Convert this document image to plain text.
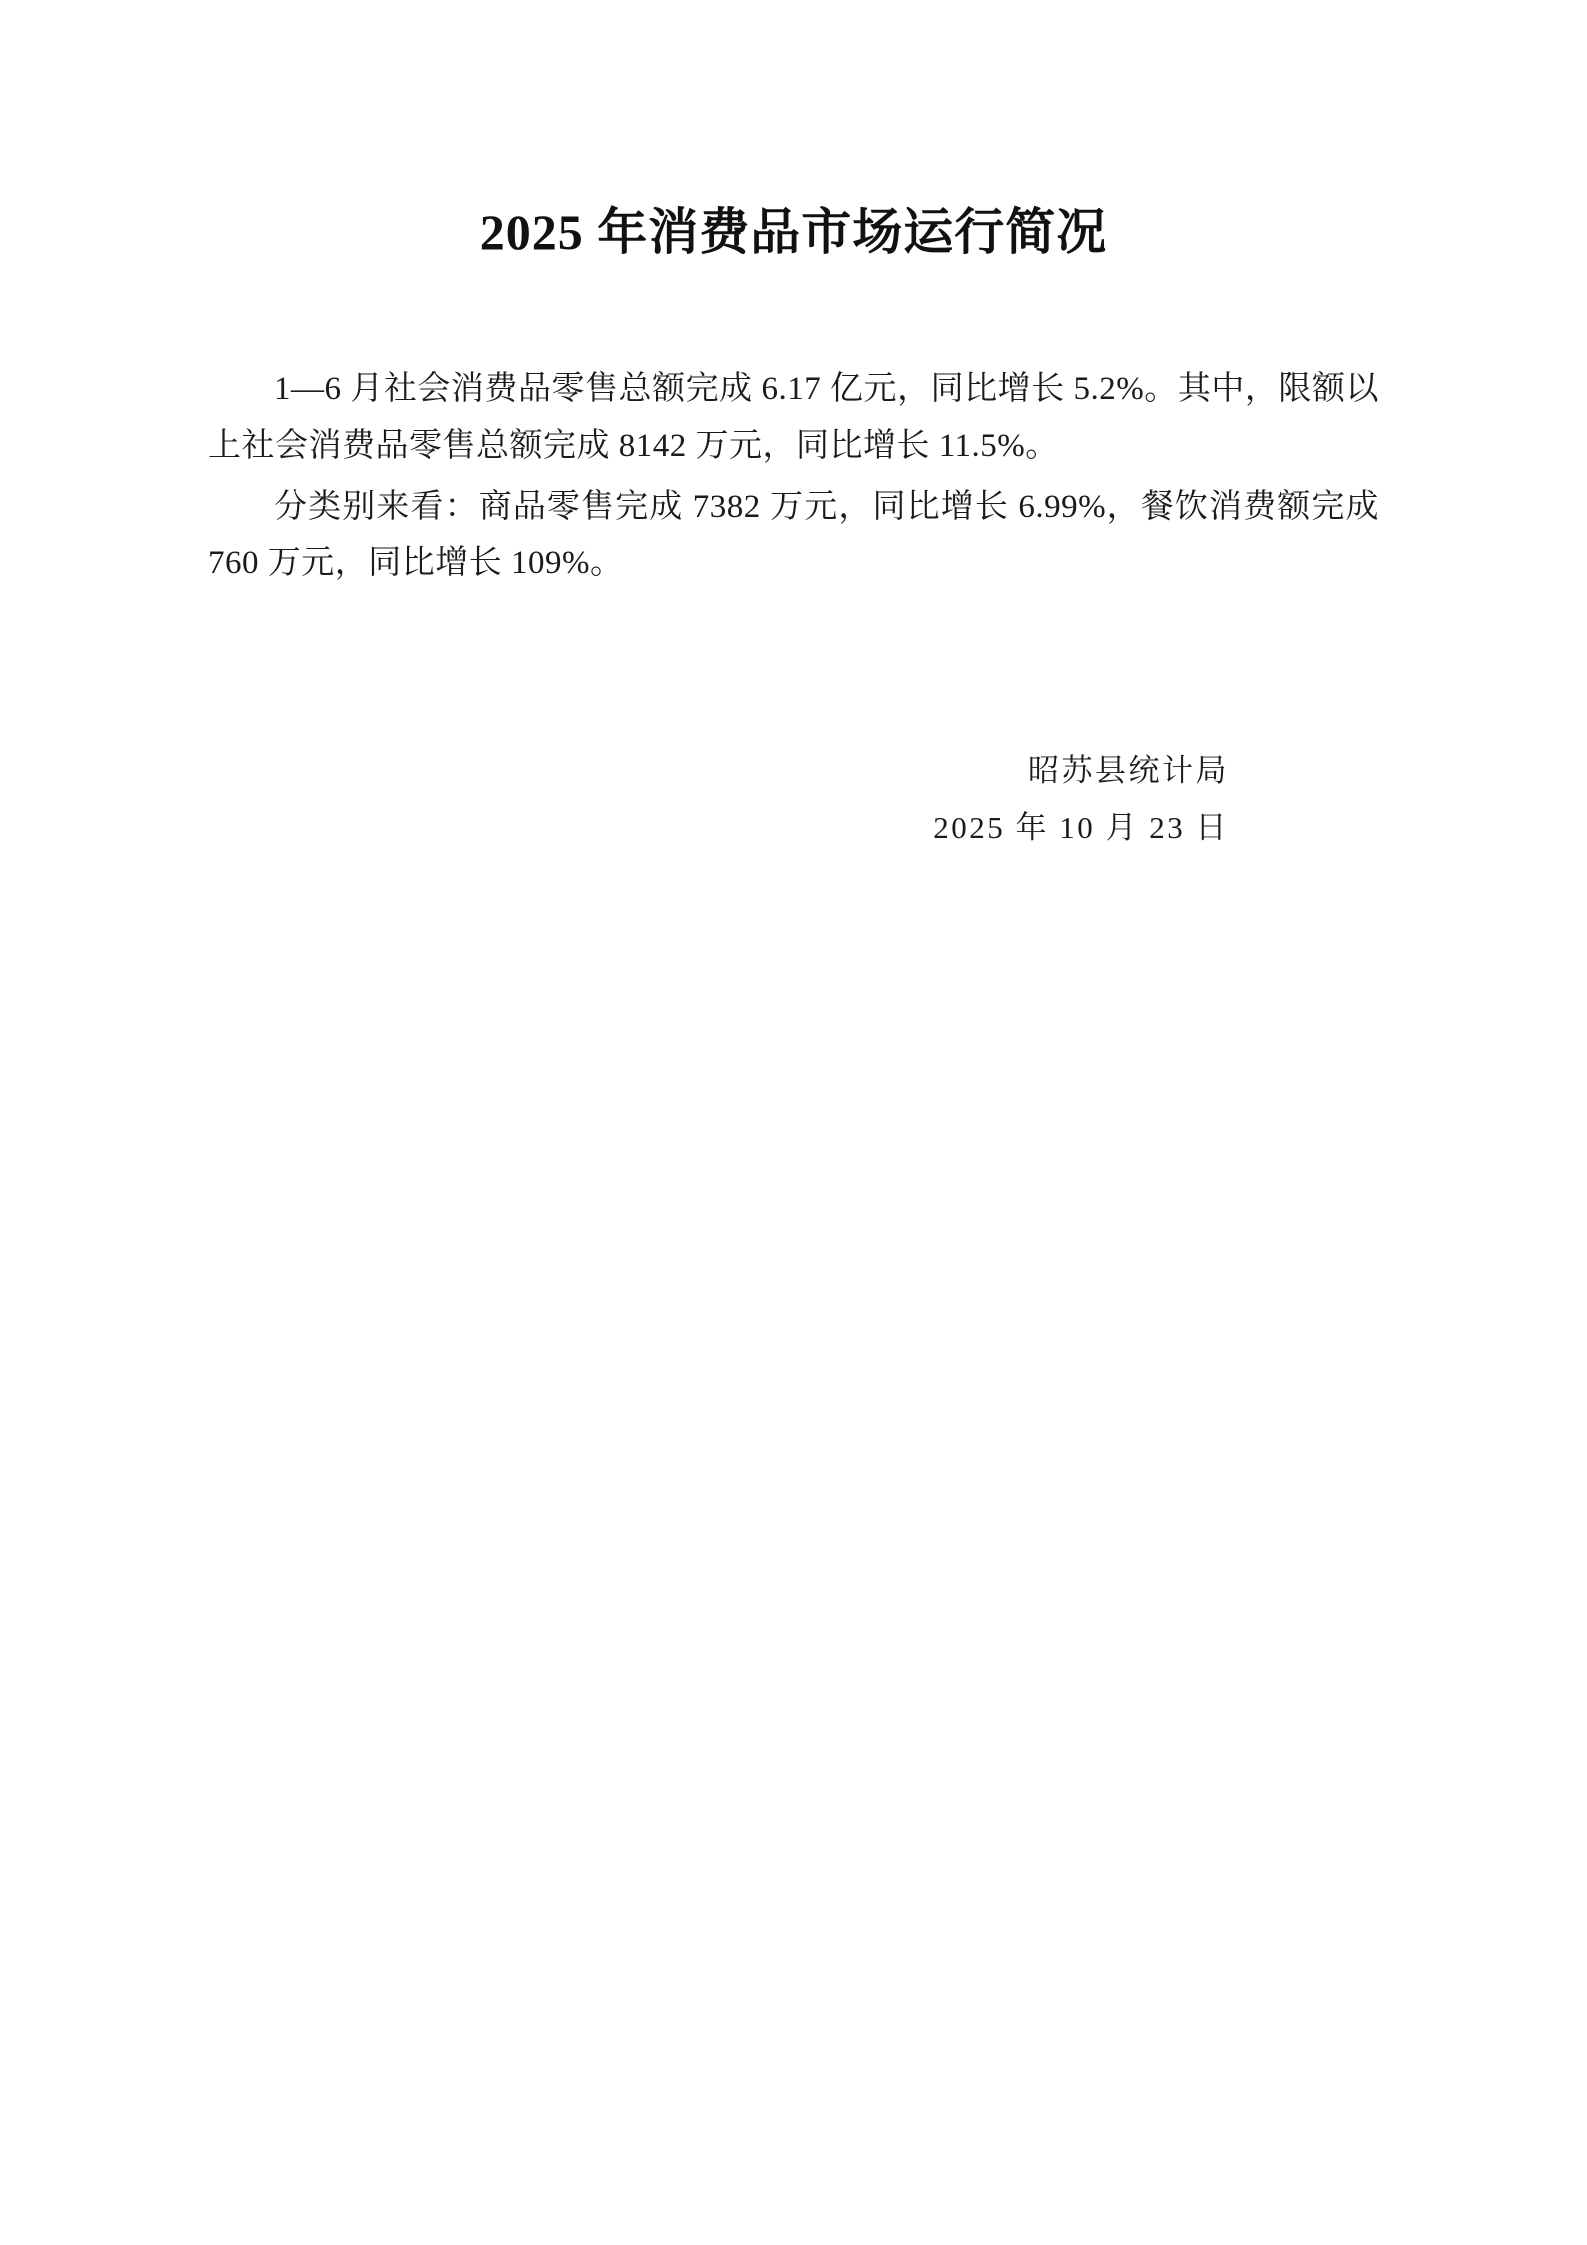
2025 年消费品市场运行简况

1—6 月社会消费品零售总额完成 6.17 亿元，同比增长 5.2%。其中，限额以上社会消费品零售总额完成 8142 万元，同比增长 11.5%。

分类别来看：商品零售完成 7382 万元，同比增长 6.99%，餐饮消费额完成 760 万元，同比增长 109%。

昭苏县统计局
2025 年 10 月 23 日
